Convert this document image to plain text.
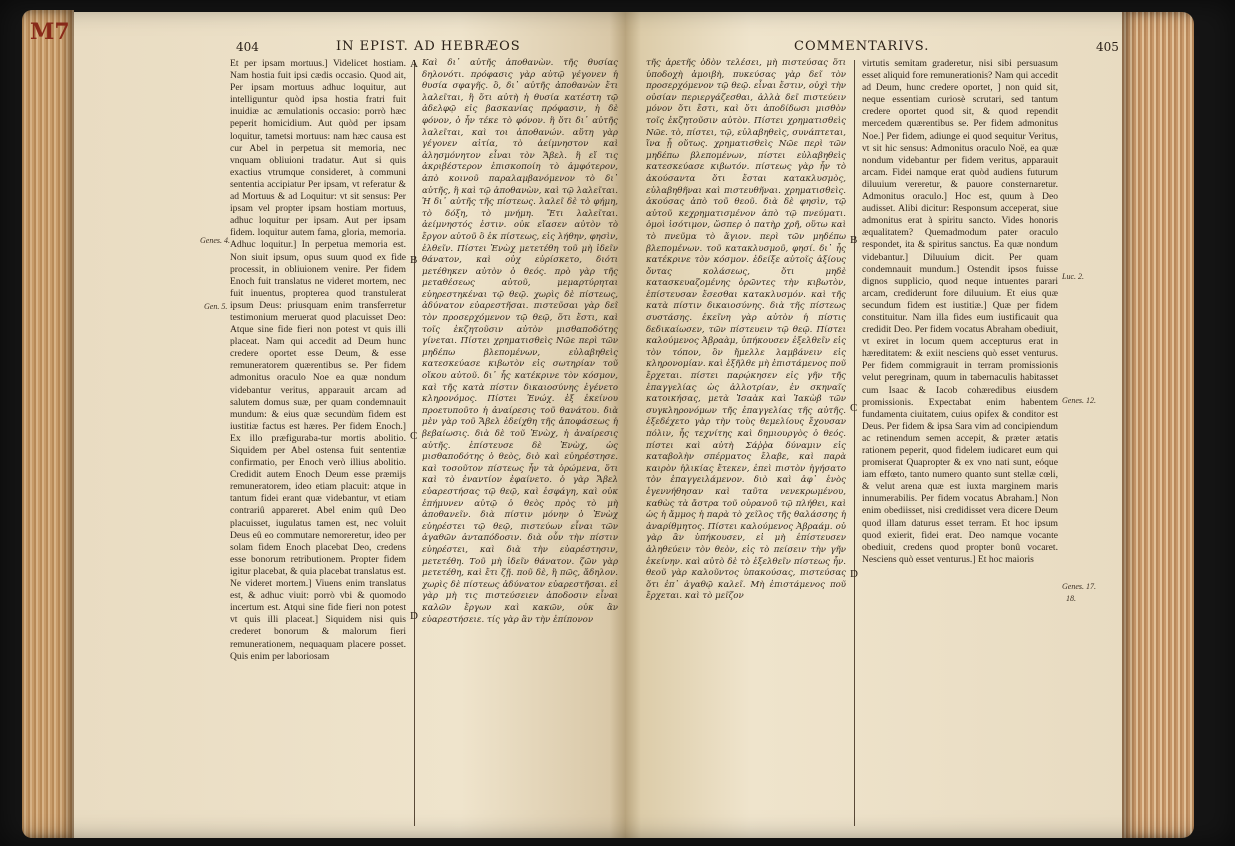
M7
404	IN EPIST. AD HEBRÆOS
Et per ipsam mortuus.] Videlicet hostiam. Nam hostia fuit ipsi cædis occasio. Quod ait, Per ipsam mortuus adhuc loquitur, aut intelliguntur quòd ipsa hostia fratri fuit inuidiæ ac æmulationis occasio: porrò hæc peperit homicidium. Aut quòd per ipsam loquitur, tametsi mortuus: nam hæc causa est cur Abel in perpetua sit memoria, nec vnquam obliuioni tradatur. Aut si quis exactius vtrumque consideret, à communi sententia accipiatur Per ipsam, vt referatur & ad Mortuus & ad Loquitur: vt sit sensus: Per ipsam vel propter ipsam hostiam mortuus, adhuc loquitur per ipsam. Aut per ipsam fidem. loquitur autem fama, gloria, memoria. Adhuc loquitur.] In perpetua memoria est. Non siuit ipsum, opus suum quod ex fide processit, in obliuionem venire. Per fidem Enoch fuit translatus ne videret mortem, nec fuit inuentus, propterea quod transtulerat ipsum Deus: priusquam enim transferretur testimonium meruerat quod placuisset Deo: Atque sine fide fieri non potest vt quis illi placeat. Nam qui accedit ad Deum hunc credere oportet esse Deum, & esse remuneratorem quærentibus se. Per fidem admonitus oraculo Noe ea quæ nondum videbantur veritus, apparauit arcam ad salutem domus suæ, per quam condemnauit mundum: & eius quæ secundùm fidem est iustitiæ factus est hæres. Per fidem Enoch.] Ex illo præfiguraba-tur mortis abolitio. Siquidem per Abel ostensa fuit sententiæ confirmatio, per Enoch verò illius abolitio. Credidit autem Enoch Deum esse præmijs remuneratorem, ideo etiam placuit: atque in tantum fidei erant quæ videbantur, vt etiam contrariû appareret. Abel enim quû Deo placuisset, iugulatus tamen est, nec voluit Deus eû eo commutare nemoreretur, ideo per solam fidem Enoch placebat Deo, credens esse bonorum retributionem. Propter fidem igitur placebat, & quia placebat translatus est. Ne videret mortem.] Viuens enim translatus est, & adhuc viuit: porrò vbi & quomodo incertum est. Atqui sine fide fieri non potest vt quis illi placeat.] Siquidem nisi quis crederet bonorum & malorum fieri remunerationem, nequaquam placere posset. Quis enim per laboriosam
Καὶ δι᾽ αὐτῆς ἀποθανὼν. τῆς θυσίας δηλονότι. πρόφασις γὰρ αὐτῷ γέγονεν ἡ θυσία σφαγῆς. ὃ, δι᾽ αὐτῆς ἀποθανὼν ἔτι λαλεῖται, ἢ ὅτι αὐτὴ ἡ θυσία κατέστη τῷ ἀδελφῷ εἰς βασκανίας πρόφασιν, ἡ δὲ φόνον, ὁ ἦν τέκε τὸ φόνον. ἢ ὅτι δι᾽ αὐτῆς λαλεῖται, καὶ τοι ἀποθανών. αὕτη γὰρ γέγονεν αἰτία, τὸ ἀείμνηστον καὶ ἀλησμόνητον εἶναι τὸν Ἄβελ. ἢ εἴ τις ἀκριβέστερον ἐπισκοποίη τὸ ἀμφότερον, ἀπὸ κοινοῦ παραλαμβανόμενον τὸ δι᾽ αὐτῆς, ἢ καὶ τῷ ἀποθανὼν, καὶ τῷ λαλεῖται. Ἡ δι᾽ αὐτῆς τῆς πίστεως. λαλεῖ δὲ τὸ φήμη, τὸ δόξη, τὸ μνήμη. Ἔτι λαλεῖται. ἀείμνηστός ἐστιν. οὐκ εἴασεν αὐτὸν τὸ ἔργον αὐτοῦ ὃ ἐκ πίστεως, εἰς λήθην, φησὶν, ἐλθεῖν. Πίστει Ἐνὼχ μετετέθη τοῦ μὴ ἰδεῖν θάνατον, καὶ οὐχ εὑρίσκετο, διότι μετέθηκεν αὐτὸν ὁ θεός. πρὸ γὰρ τῆς μεταθέσεως αὐτοῦ, μεμαρτύρηται εὐηρεστηκέναι τῷ θεῷ. χωρὶς δὲ πίστεως, ἀδύνατον εὐαρεστῆσαι. πιστεῦσαι γὰρ δεῖ τὸν προσερχόμενον τῷ θεῷ, ὅτι ἔστι, καὶ τοῖς ἐκζητοῦσιν αὐτὸν μισθαποδότης γίνεται. Πίστει χρηματισθεὶς Νῶε περὶ τῶν μηδέπω βλεπομένων, εὐλαβηθεὶς κατεσκεύασε κιβωτὸν εἰς σωτηρίαν τοῦ οἴκου αὐτοῦ. δι᾽ ἧς κατέκρινε τὸν κόσμον, καὶ τῆς κατὰ πίστιν δικαιοσύνης ἐγένετο κληρονόμος. Πίστει Ἐνώχ. ἐξ ἐκείνου προετυποῦτο ἡ ἀναίρεσις τοῦ θανάτου. διὰ μὲν γὰρ τοῦ Ἄβελ ἐδείχθη τῆς ἀποφάσεως ἡ βεβαίωσις. διὰ δὲ τοῦ Ἐνὼχ, ἡ ἀναίρεσις αὐτῆς. ἐπίστευσε δὲ Ἐνὼχ, ὡς μισθαποδότης ὁ θεὸς, διὸ καὶ εὐηρέστησε. καὶ τοσοῦτον πίστεως ἦν τὰ ὁρώμενα, ὅτι καὶ τὸ ἐναντίον ἐφαίνετο. ὁ γὰρ Ἄβελ εὐαρεστήσας τῷ θεῷ, καὶ ἐσφάγη, καὶ οὐκ ἐπήμυνεν αὐτῷ ὁ θεὸς πρὸς τὸ μὴ ἀποθανεῖν. διὰ πίστιν μόνην ὁ Ἐνὼχ εὐηρέστει τῷ θεῷ, πιστεύων εἶναι τῶν ἀγαθῶν ἀνταπόδοσιν. διὰ οὖν τὴν πίστιν εὐηρέστει, καὶ διὰ τὴν εὐαρέστησιν, μετετέθη. Τοῦ μὴ ἰδεῖν θάνατον. ζῶν γὰρ μετετέθη, καὶ ἔτι ζῇ. ποῦ δὲ, ἢ πῶς, ἄδηλον. χωρὶς δὲ πίστεως ἀδύνατον εὐαρεστῆσαι. εἰ γὰρ μὴ τις πιστεύσειεν ἀποδοσιν εἶναι καλῶν ἔργων καὶ κακῶν, οὐκ ἂν εὐαρεστήσειε. τίς γὰρ ἂν τὴν ἐπίπονον
A
B
C
D
Genes. 4.
Gen. 5.
COMMENTARIVS.	405
τῆς ἀρετῆς ὁδὸν τελέσει, μὴ πιστεύσας ὅτι ὑποδοχὴ ἀμοιβὴ, πυκεύσας γὰρ δεῖ τὸν προσερχόμενον τῷ θεῷ. εἶναι ἔστιν, οὐχὶ τὴν οὐσίαν περιεργάζεσθαι, ἀλλὰ δεῖ πιστεύειν μόνον ὅτι ἔστι, καὶ ὅτι ἀποδίδωσι μισθὸν τοῖς ἐκζητοῦσιν αὐτὸν. Πίστει χρηματισθεὶς Νῶε. τὸ, πίστει, τῷ, εὐλαβηθεὶς, συνάπτεται, ἵνα ᾖ οὕτως. χρηματισθεὶς Νῶε περὶ τῶν μηδέπω βλεπομένων, πίστει εὐλαβηθεὶς κατεσκεύασε κιβωτόν. πίστεως γὰρ ἦν τὸ ἀκούσαντα ὅτι ἔσται κατακλυσμὸς, εὐλαβηθῆναι καὶ πιστευθῆναι. χρηματισθεὶς. ἀκούσας ἀπὸ τοῦ θεοῦ. διὰ δὲ φησὶν, τῷ αὐτοῦ κεχρηματισμένον ἀπὸ τῷ πνεύματι. ὁμοὶ ἰσότιμον, ὥσπερ ὁ πατὴρ χρῆ, οὕτω καὶ τὸ πνεῦμα τὸ ἅγιον. περὶ τῶν μηδέπω βλεπομένων. τοῦ κατακλυσμοῦ, φησί. δι᾽ ἧς κατέκρινε τὸν κόσμον. ἐδείξε αὐτοῖς ἀξίους ὄντας κολάσεως, ὅτι μηδὲ κατασκευαζομένης ὁρῶντες τὴν κιβωτὸν, ἐπίστευσαν ἔσεσθαι κατακλυσμόν. καὶ τῆς κατὰ πίστιν δικαιοσύνης. διὰ τῆς πίστεως συστάσης. ἐκεῖνη γὰρ αὐτὸν ἡ πίστις δεδικαίωσεν, τῶν πίστευειν τῷ θεῷ. Πίστει καλούμενος Ἀβραὰμ, ὑπήκουσεν ἐξελθεῖν εἰς τὸν τόπον, ὃν ἤμελλε λαμβάνειν εἰς κληρονομίαν. καὶ ἐξῆλθε μὴ ἐπιστάμενος ποῦ ἔρχεται. πίστει παρῴκησεν εἰς γῆν τῆς ἐπαγγελίας ὡς ἀλλοτρίαν, ἐν σκηναῖς κατοικήσας, μετὰ Ἰσαὰκ καὶ Ἰακὼβ τῶν συγκληρονόμων τῆς ἐπαγγελίας τῆς αὐτῆς. ἐξεδέχετο γὰρ τὴν τοὺς θεμελίους ἔχουσαν πόλιν, ἧς τεχνίτης καὶ δημιουργὸς ὁ θεός. πίστει καὶ αὐτὴ Σάῤῥα δύναμιν εἰς καταβολὴν σπέρματος ἔλαβε, καὶ παρὰ καιρὸν ἡλικίας ἔτεκεν, ἐπεὶ πιστὸν ἡγήσατο τὸν ἐπαγγειλάμενον. διὸ καὶ ἀφ᾽ ἑνὸς ἐγεννήθησαν καὶ ταῦτα νενεκρωμένου, καθὼς τὰ ἄστρα τοῦ οὐρανοῦ τῷ πλήθει, καὶ ὡς ἡ ἄμμος ἡ παρὰ τὸ χεῖλος τῆς θαλάσσης ἡ ἀναρίθμητος. Πίστει καλούμενος Ἀβραάμ. οὐ γὰρ ἂν ὑπήκουσεν, εἰ μὴ ἐπίστευσεν ἀληθεύειν τὸν θεὸν, εἰς τὸ πείσειν τὴν γῆν ἐκείνην. καὶ αὐτὸ δὲ τὸ ἐξελθεῖν πίστεως ἦν. θεοῦ γὰρ καλοῦντος ὑπακούσας, πιστεύσας ὅτι ἐπ᾽ ἀγαθῷ καλεῖ. Μὴ ἐπιστάμενος ποῦ ἔρχεται. καὶ τὸ μεῖζον
virtutis semitam graderetur, nisi sibi persuasum esset aliquid fore remunerationis? Nam qui accedit ad Deum, hunc credere oportet, ] non quid sit, neque essentiam curiosè scrutari, sed tantum credere oportet quod sit, & quod rependit mercedem quærentibus se. Per fidem admonitus Noe.] Per fidem, adiunge ei quod sequitur Veritus, vt sit hic sensus: Admonitus oraculo Noë, ea quæ nondum videbantur per fidem veritus, apparauit arcam. Fidei namque erat quòd audiens futurum diluuium vereretur, & pauore consternaretur. Admonitus oraculo.] Hoc est, quum à Deo audisset. Alibi dicitur: Responsum acceperat, siue admonitus erat à spiritu sancto. Vides honoris æqualitatem? Quemadmodum pater oraculo respondet, ita & spiritus sanctus. Ea quæ nondum videbantur.] Diluuium dicit. Per quam condemnauit mundum.] Ostendit ipsos fuisse dignos supplicio, quod neque intuentes parari arcam, crediderunt fore diluuium. Et eius quæ secundum fidem est iustitiæ.] Quæ per fidem constituitur. Nam illa fides eum iustificauit qua credidit Deo. Per fidem vocatus Abraham obediuit, vt exiret in locum quem accepturus erat in hæreditatem: & exiit nesciens quò esset venturus. Per fidem commigrauit in terram promissionis velut peregrinam, quum in tabernaculis habitasset cum Isaac & Iacob cohæredibus eiusdem promissionis. Expectabat enim habentem fundamenta ciuitatem, cuius opifex & conditor est Deus. Per fidem & ipsa Sara vim ad concipiendum ac retinendum semen accepit, & præter ætatis rationem peperit, quod fidelem iudicaret eum qui promiserat Quapropter & ex vno nati sunt, eóque iam effœto, tanto numero quanto sunt stellæ cœli, & velut arena quæ est iuxta marginem maris innumerabilis. Per fidem vocatus Abraham.] Non enim obediisset, nisi credidisset vera dicere Deum quod illam daturus esset terram. Et hoc ipsum quod exierit, fidei erat. Deo namque vocante obediuit, credens quod propter bonû vocaret. Nesciens quò esset venturus.] Et hoc maioris
B
C
D
Luc. 2.
Genes. 12.
Genes. 17.
18.
